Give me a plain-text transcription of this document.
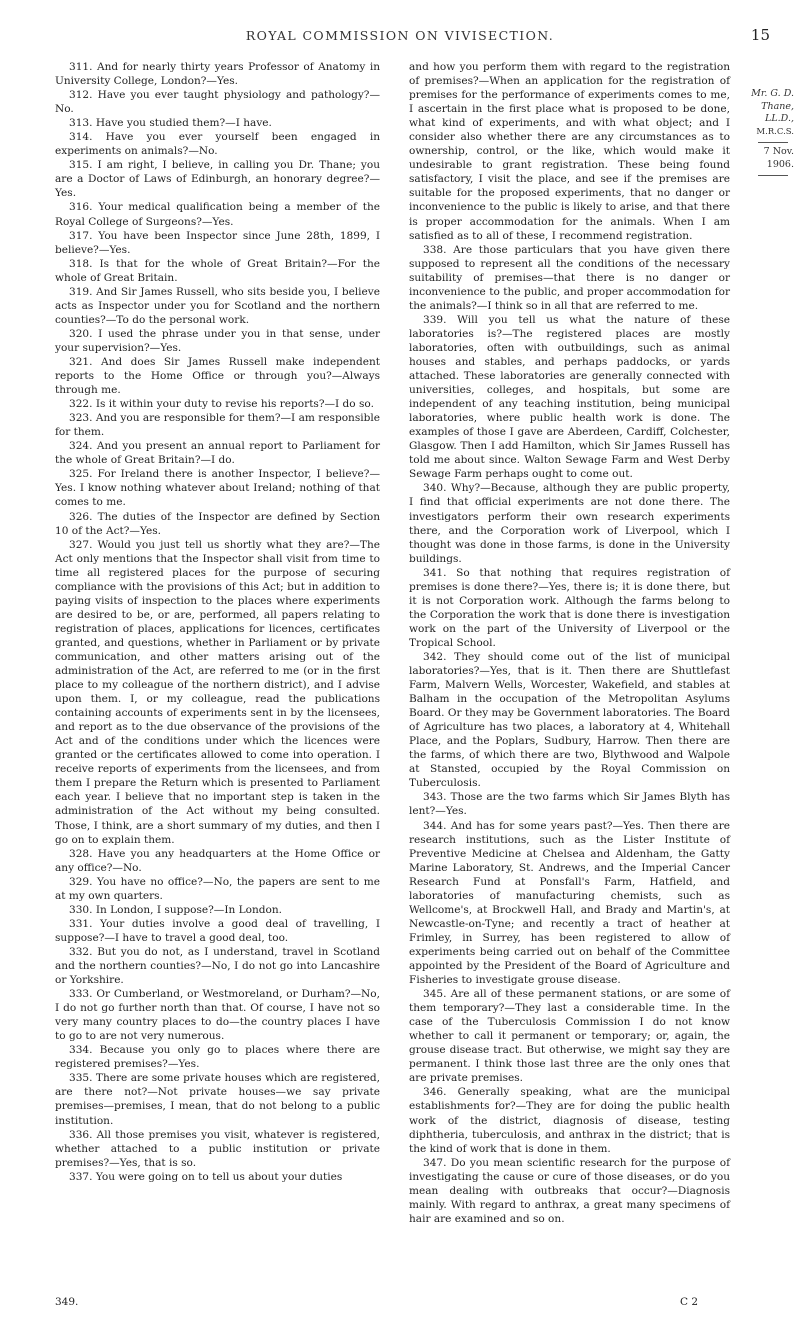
ROYAL COMMISSION ON VIVISECTION.	15

311. And for nearly thirty years Professor of Anatomy in University College, London?—Yes.

312. Have you ever taught physiology and pathology?—No.

313. Have you studied them?—I have.

314. Have you ever yourself been engaged in experiments on animals?—No.

315. I am right, I believe, in calling you Dr. Thane; you are a Doctor of Laws of Edinburgh, an honorary degree?—Yes.

316. Your medical qualification being a member of the Royal College of Surgeons?—Yes.

317. You have been Inspector since June 28th, 1899, I believe?—Yes.

318. Is that for the whole of Great Britain?—For the whole of Great Britain.

319. And Sir James Russell, who sits beside you, I believe acts as Inspector under you for Scotland and the northern counties?—To do the personal work.

320. I used the phrase under you in that sense, under your supervision?—Yes.

321. And does Sir James Russell make independent reports to the Home Office or through you?—Always through me.

322. Is it within your duty to revise his reports?—I do so.

323. And you are responsible for them?—I am responsible for them.

324. And you present an annual report to Parliament for the whole of Great Britain?—I do.

325. For Ireland there is another Inspector, I believe?—Yes. I know nothing whatever about Ireland; nothing of that comes to me.

326. The duties of the Inspector are defined by Section 10 of the Act?—Yes.

327. Would you just tell us shortly what they are?—The Act only mentions that the Inspector shall visit from time to time all registered places for the purpose of securing compliance with the provisions of this Act; but in addition to paying visits of inspection to the places where experiments are desired to be, or are, performed, all papers relating to registration of places, applications for licences, certificates granted, and questions, whether in Parliament or by private communication, and other matters arising out of the administration of the Act, are referred to me (or in the first place to my colleague of the northern district), and I advise upon them. I, or my colleague, read the publications containing accounts of experiments sent in by the licensees, and report as to the due observance of the provisions of the Act and of the conditions under which the licences were granted or the certificates allowed to come into operation. I receive reports of experiments from the licensees, and from them I prepare the Return which is presented to Parliament each year. I believe that no important step is taken in the administration of the Act without my being consulted. Those, I think, are a short summary of my duties, and then I go on to explain them.

328. Have you any headquarters at the Home Office or any office?—No.

329. You have no office?—No, the papers are sent to me at my own quarters.

330. In London, I suppose?—In London.

331. Your duties involve a good deal of travelling, I suppose?—I have to travel a good deal, too.

332. But you do not, as I understand, travel in Scotland and the northern counties?—No, I do not go into Lancashire or Yorkshire.

333. Or Cumberland, or Westmoreland, or Durham?—No, I do not go further north than that. Of course, I have not so very many country places to do—the country places I have to go to are not very numerous.

334. Because you only go to places where there are registered premises?—Yes.

335. There are some private houses which are registered, are there not?—Not private houses—we say private premises—premises, I mean, that do not belong to a public institution.

336. All those premises you visit, whatever is registered, whether attached to a public institution or private premises?—Yes, that is so.

337. You were going on to tell us about your duties

and how you perform them with regard to the registration of premises?—When an application for the registration of premises for the performance of experiments comes to me, I ascertain in the first place what is proposed to be done, what kind of experiments, and with what object; and I consider also whether there are any circumstances as to ownership, control, or the like, which would make it undesirable to grant registration. These being found satisfactory, I visit the place, and see if the premises are suitable for the proposed experiments, that no danger or inconvenience to the public is likely to arise, and that there is proper accommodation for the animals. When I am satisfied as to all of these, I recommend registration.

338. Are those particulars that you have given there supposed to represent all the conditions of the necessary suitability of premises—that there is no danger or inconvenience to the public, and proper accommodation for the animals?—I think so in all that are referred to me.

339. Will you tell us what the nature of these laboratories is?—The registered places are mostly laboratories, often with outbuildings, such as animal houses and stables, and perhaps paddocks, or yards attached. These laboratories are generally connected with universities, colleges, and hospitals, but some are independent of any teaching institution, being municipal laboratories, where public health work is done. The examples of those I gave are Aberdeen, Cardiff, Colchester, Glasgow. Then I add Hamilton, which Sir James Russell has told me about since. Walton Sewage Farm and West Derby Sewage Farm perhaps ought to come out.

340. Why?—Because, although they are public property, I find that official experiments are not done there. The investigators perform their own research experiments there, and the Corporation work of Liverpool, which I thought was done in those farms, is done in the University buildings.

341. So that nothing that requires registration of premises is done there?—Yes, there is; it is done there, but it is not Corporation work. Although the farms belong to the Corporation the work that is done there is investigation work on the part of the University of Liverpool or the Tropical School.

342. They should come out of the list of municipal laboratories?—Yes, that is it. Then there are Shuttlefast Farm, Malvern Wells, Worcester, Wakefield, and stables at Balham in the occupation of the Metropolitan Asylums Board. Or they may be Government laboratories. The Board of Agriculture has two places, a laboratory at 4, Whitehall Place, and the Poplars, Sudbury, Harrow. Then there are the farms, of which there are two, Blythwood and Walpole at Stansted, occupied by the Royal Commission on Tuberculosis.

343. Those are the two farms which Sir James Blyth has lent?—Yes.

344. And has for some years past?—Yes. Then there are research institutions, such as the Lister Institute of Preventive Medicine at Chelsea and Aldenham, the Gatty Marine Laboratory, St. Andrews, and the Imperial Cancer Research Fund at Ponsfall's Farm, Hatfield, and laboratories of manufacturing chemists, such as Wellcome's, at Brockwell Hall, and Brady and Martin's, at Newcastle-on-Tyne; and recently a tract of heather at Frimley, in Surrey, has been registered to allow of experiments being carried out on behalf of the Committee appointed by the President of the Board of Agriculture and Fisheries to investigate grouse disease.

345. Are all of these permanent stations, or are some of them temporary?—They last a considerable time. In the case of the Tuberculosis Commission I do not know whether to call it permanent or temporary; or, again, the grouse disease tract. But otherwise, we might say they are permanent. I think those last three are the only ones that are private premises.

346. Generally speaking, what are the municipal establishments for?—They are for doing the public health work of the district, diagnosis of disease, testing diphtheria, tuberculosis, and anthrax in the district; that is the kind of work that is done in them.

347. Do you mean scientific research for the purpose of investigating the cause or cure of those diseases, or do you mean dealing with outbreaks that occur?—Diagnosis mainly. With regard to anthrax, a great many specimens of hair are examined and so on.

Mr. G. D.
Thane, LL.D.,
M.R.C.S.
7 Nov. 1906.
349.	C 2
